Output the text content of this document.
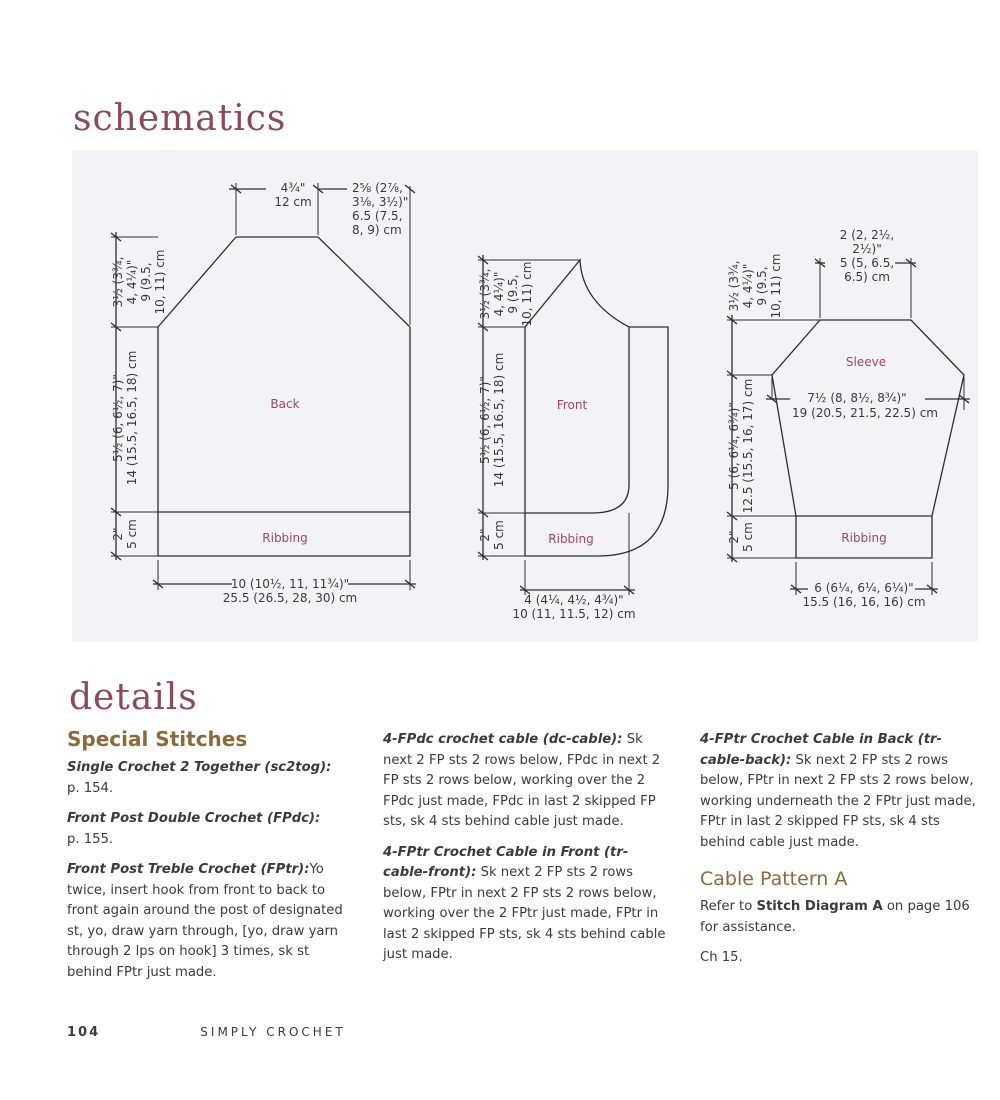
schematics
Back
Ribbing
4¾"
12 cm
2⅝ (2⅞,
3⅛, 3½)"
6.5 (7.5,
8, 9) cm
10 (10½, 11, 11¾)"
25.5 (26.5, 28, 30) cm
3½ (3¾, 4, 4¼)" 9 (9.5, 10, 11) cm
5½ (6, 6½, 7)" 14 (15.5, 16.5, 18) cm
2" 5 cm
Front
Ribbing
4 (4¼, 4½, 4¾)"
10 (11, 11.5, 12) cm
3½ (3¾, 4, 4¼)" 9 (9.5, 10, 11) cm
5½ (6, 6½, 7)" 14 (15.5, 16.5, 18) cm
2" 5 cm
Sleeve
Ribbing
2 (2, 2½,
2½)"
5 (5, 6.5,
6.5) cm
7½ (8, 8½, 8¾)"
19 (20.5, 21.5, 22.5) cm
6 (6¼, 6¼, 6¼)"
15.5 (16, 16, 16) cm
3½ (3¾, 4, 4¼)" 9 (9.5, 10, 11) cm
5 (6, 6¼, 6¾)" 12.5 (15.5, 16, 17) cm
2" 5 cm
details
Special Stitches

Single Crochet 2 Together (sc2tog):
p. 154.

Front Post Double Crochet (FPdc):
p. 155.

Front Post Treble Crochet (FPtr):Yo twice, insert hook from front to back to front again around the post of designated st, yo, draw yarn through, [yo, draw yarn through 2 lps on hook] 3 times, sk st behind FPtr just made.

4-FPdc crochet cable (dc-cable): Sk next 2 FP sts 2 rows below, FPdc in next 2 FP sts 2 rows below, working over the 2 FPdc just made, FPdc in last 2 skipped FP sts, sk 4 sts behind cable just made.

4-FPtr Crochet Cable in Front (tr-cable-front): Sk next 2 FP sts 2 rows below, FPtr in next 2 FP sts 2 rows below, working over the 2 FPtr just made, FPtr in last 2 skipped FP sts, sk 4 sts behind cable just made.

4-FPtr Crochet Cable in Back (tr-cable-back): Sk next 2 FP sts 2 rows below, FPtr in next 2 FP sts 2 rows below, working underneath the 2 FPtr just made, FPtr in last 2 skipped FP sts, sk 4 sts behind cable just made.

Cable Pattern A

Refer to Stitch Diagram A on page 106 for assistance.

Ch 15.

104	SIMPLY CROCHET
